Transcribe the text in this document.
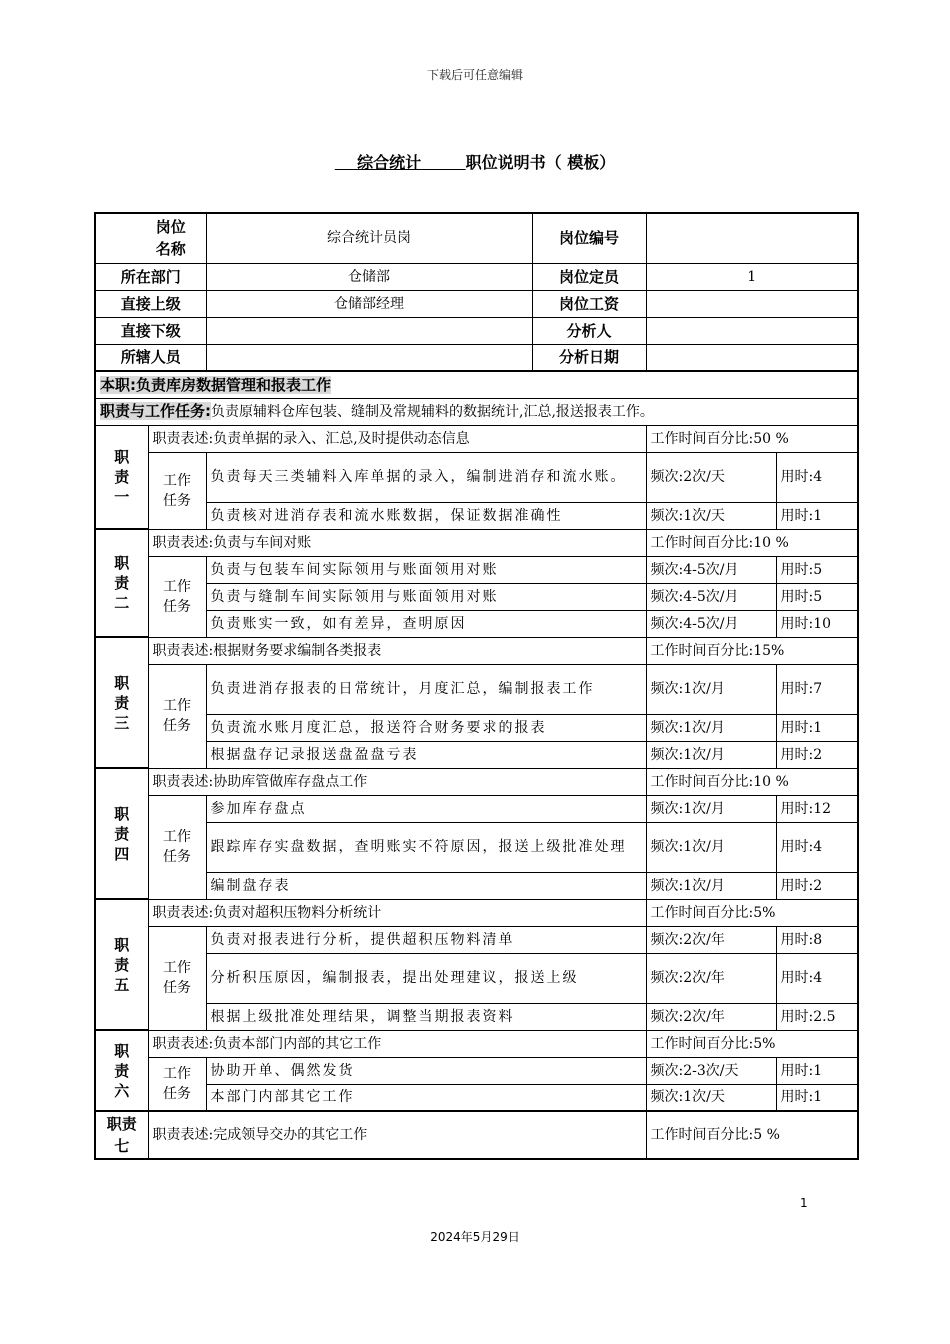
下载后可任意编辑
综合统计	职位说明书（ 模板）
岗位
名称		综合统计员岗	岗位编号		
所在部门		仓储部	岗位定员	1	
直接上级		仓储部经理	岗位工资		
直接下级			分析人		
所辖人员			分析日期		
本职:负责库房数据管理和报表工作					
职责与工作任务:负责原辅料仓库包装、缝制及常规辅料的数据统计,汇总,报送报表工作。					

职
责
一	职责表述:负责单据的录入、汇总,及时提供动态信息			工作时间百分比:50 %	

	工作
任务	负责每天三类辅料入库单据的录入，编制进消存和流水账。		频次:2次/天	用时:4
		负责核对进消存表和流水账数据，保证数据准确性		频次:1次/天	用时:1

职
责
二	职责表述:负责与车间对账			工作时间百分比:10 %	

	工作
任务	负责与包装车间实际领用与账面领用对账		频次:4-5次/月	用时:5
		负责与缝制车间实际领用与账面领用对账		频次:4-5次/月	用时:5
		负责账实一致，如有差异，查明原因		频次:4-5次/月	用时:10

职
责
三	职责表述:根据财务要求编制各类报表			工作时间百分比:15%	

	工作
任务	负责进消存报表的日常统计，月度汇总，编制报表工作		频次:1次/月	用时:7
		负责流水账月度汇总，报送符合财务要求的报表		频次:1次/月	用时:1
		根据盘存记录报送盘盈盘亏表		频次:1次/月	用时:2

职
责
四	职责表述:协助库管做库存盘点工作			工作时间百分比:10 %	

	工作
任务	参加库存盘点		频次:1次/月	用时:12
		跟踪库存实盘数据，查明账实不符原因，报送上级批准处理		频次:1次/月	用时:4
		编制盘存表		频次:1次/月	用时:2

职
责
五	职责表述:负责对超积压物料分析统计			工作时间百分比:5%	

	工作
任务	负责对报表进行分析，提供超积压物料清单		频次:2次/年	用时:8
		分析积压原因，编制报表，提出处理建议，报送上级		频次:2次/年	用时:4
		根据上级批准处理结果，调整当期报表资料		频次:2次/年	用时:2.5

职
责
六	职责表述:负责本部门内部的其它工作			工作时间百分比:5%	

	工作
任务	协助开单、偶然发货		频次:2-3次/天	用时:1
		本部门内部其它工作		频次:1次/天	用时:1

职责
七	职责表述:完成领导交办的其它工作			工作时间百分比:5 %	
1
2024年5月29日
